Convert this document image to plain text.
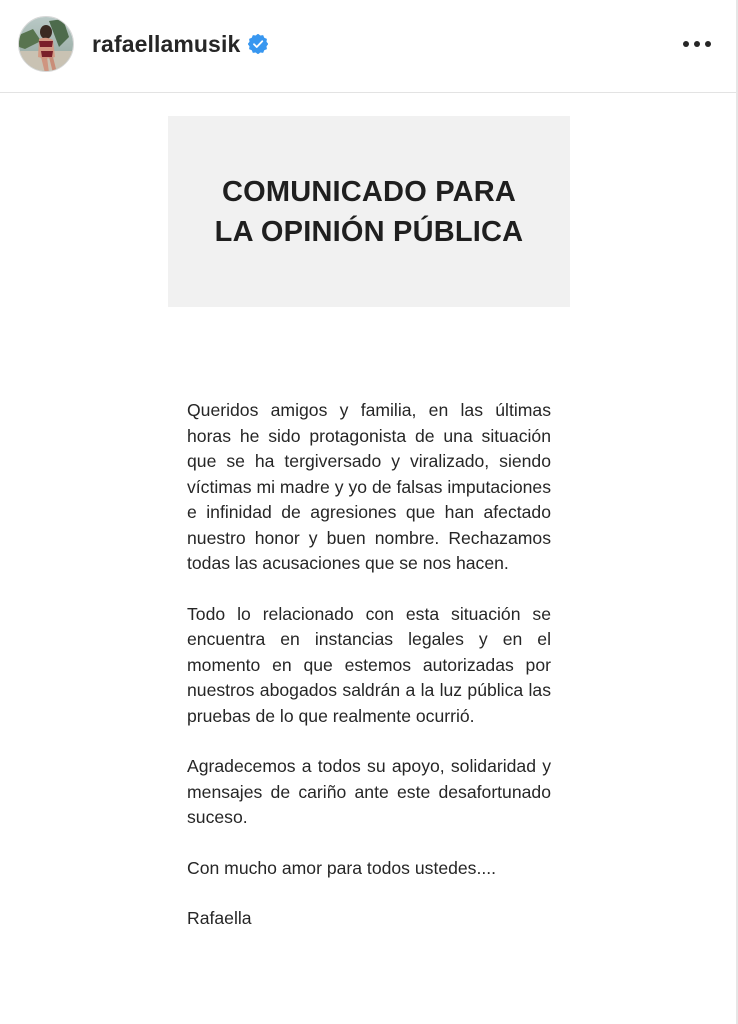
rafaellamusik
COMUNICADO PARA
LA OPINIÓN PÚBLICA

Queridos amigos y familia, en las últimas horas he sido protagonista de una situación que se ha tergiversado y viralizado, siendo víctimas mi madre y yo de falsas imputaciones e infinidad de agresiones que han afectado nuestro honor y buen nombre. Rechazamos todas las acusaciones que se nos hacen.

Todo lo relacionado con esta situación se encuentra en instancias legales y en el momento en que estemos autorizadas por nuestros abogados saldrán a la luz pública las pruebas de lo que realmente ocurrió.

Agradecemos a todos su apoyo, solidaridad y mensajes de cariño ante este desafortunado suceso.

Con mucho amor para todos ustedes....

Rafaella
